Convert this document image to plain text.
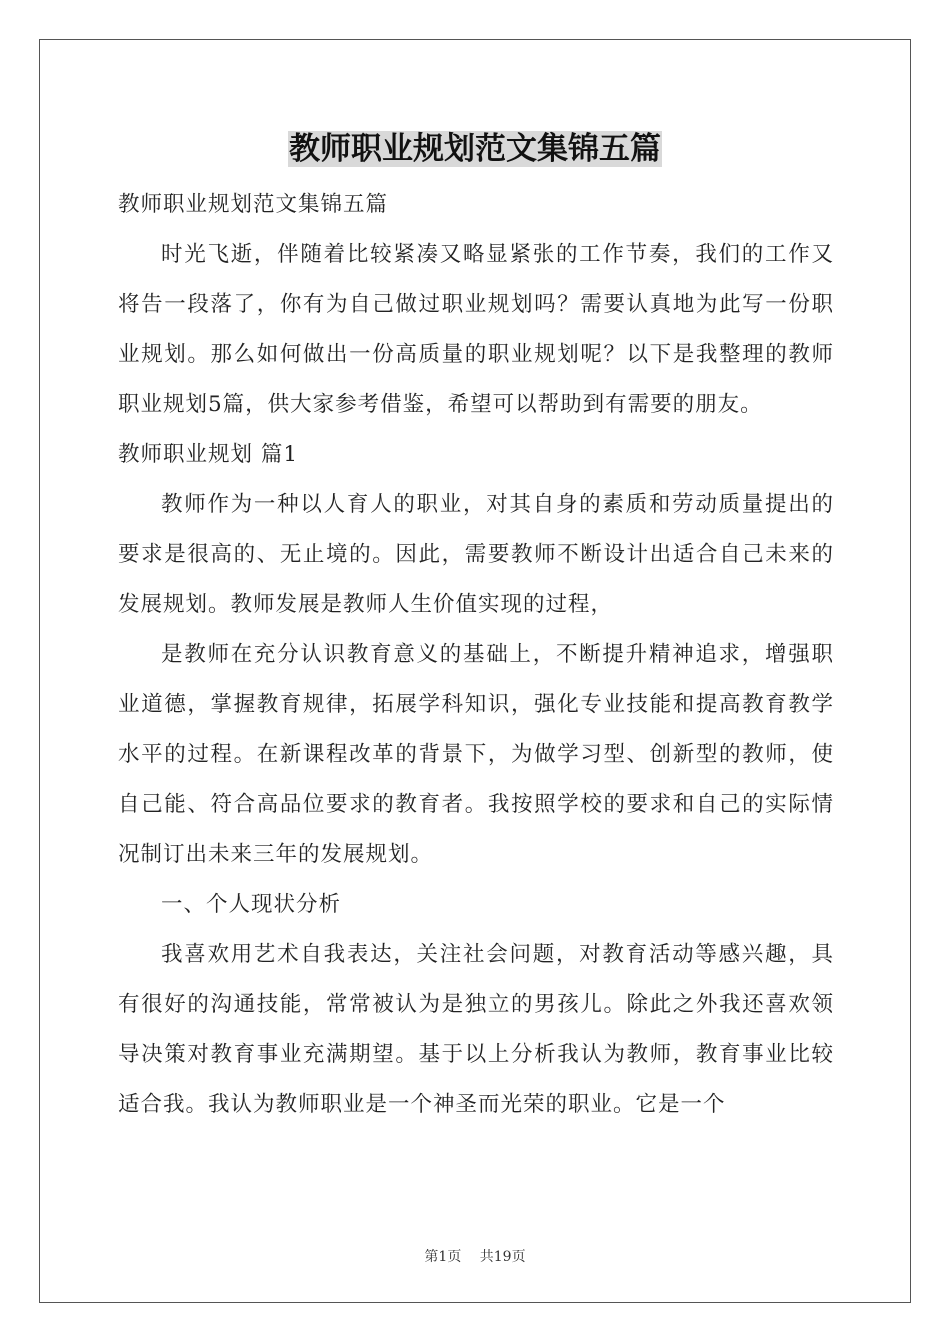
教师职业规划范文集锦五篇

教师职业规划范文集锦五篇

时光飞逝，伴随着比较紧凑又略显紧张的工作节奏，我们的工作又将告一段落了，你有为自己做过职业规划吗？需要认真地为此写一份职业规划。那么如何做出一份高质量的职业规划呢？以下是我整理的教师职业规划5篇，供大家参考借鉴，希望可以帮助到有需要的朋友。

教师职业规划 篇1

教师作为一种以人育人的职业，对其自身的素质和劳动质量提出的要求是很高的、无止境的。因此，需要教师不断设计出适合自己未来的发展规划。教师发展是教师人生价值实现的过程，

是教师在充分认识教育意义的基础上，不断提升精神追求，增强职业道德，掌握教育规律，拓展学科知识，强化专业技能和提高教育教学水平的过程。在新课程改革的背景下，为做学习型、创新型的教师，使自己能、符合高品位要求的教育者。我按照学校的要求和自己的实际情况制订出未来三年的发展规划。

一、个人现状分析

我喜欢用艺术自我表达，关注社会问题，对教育活动等感兴趣，具有很好的沟通技能，常常被认为是独立的男孩儿。除此之外我还喜欢领导决策对教育事业充满期望。基于以上分析我认为教师，教育事业比较适合我。我认为教师职业是一个神圣而光荣的职业。它是一个

第1页　 共19页
